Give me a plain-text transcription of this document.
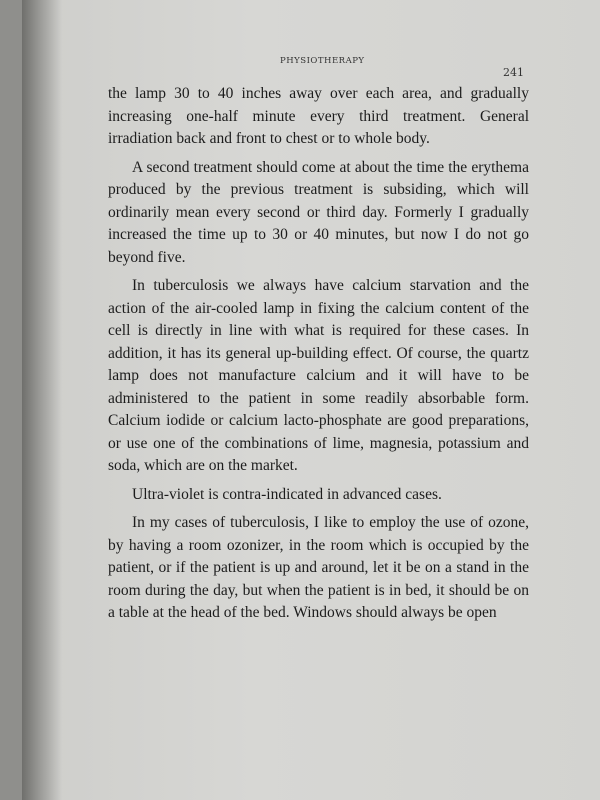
PHYSIOTHERAPY
241

the lamp 30 to 40 inches away over each area, and gradually increasing one-half minute every third treatment. General irradiation back and front to chest or to whole body.

A second treatment should come at about the time the erythema produced by the previous treatment is subsiding, which will ordinarily mean every second or third day. Formerly I gradually increased the time up to 30 or 40 minutes, but now I do not go beyond five.

In tuberculosis we always have calcium starvation and the action of the air-cooled lamp in fixing the calcium content of the cell is directly in line with what is required for these cases. In addition, it has its general up-building effect. Of course, the quartz lamp does not manufacture calcium and it will have to be administered to the patient in some readily absorbable form. Calcium iodide or calcium lacto-phosphate are good preparations, or use one of the combinations of lime, magnesia, potassium and soda, which are on the market.

Ultra-violet is contra-indicated in advanced cases.

In my cases of tuberculosis, I like to employ the use of ozone, by having a room ozonizer, in the room which is occupied by the patient, or if the patient is up and around, let it be on a stand in the room during the day, but when the patient is in bed, it should be on a table at the head of the bed. Windows should always be open
